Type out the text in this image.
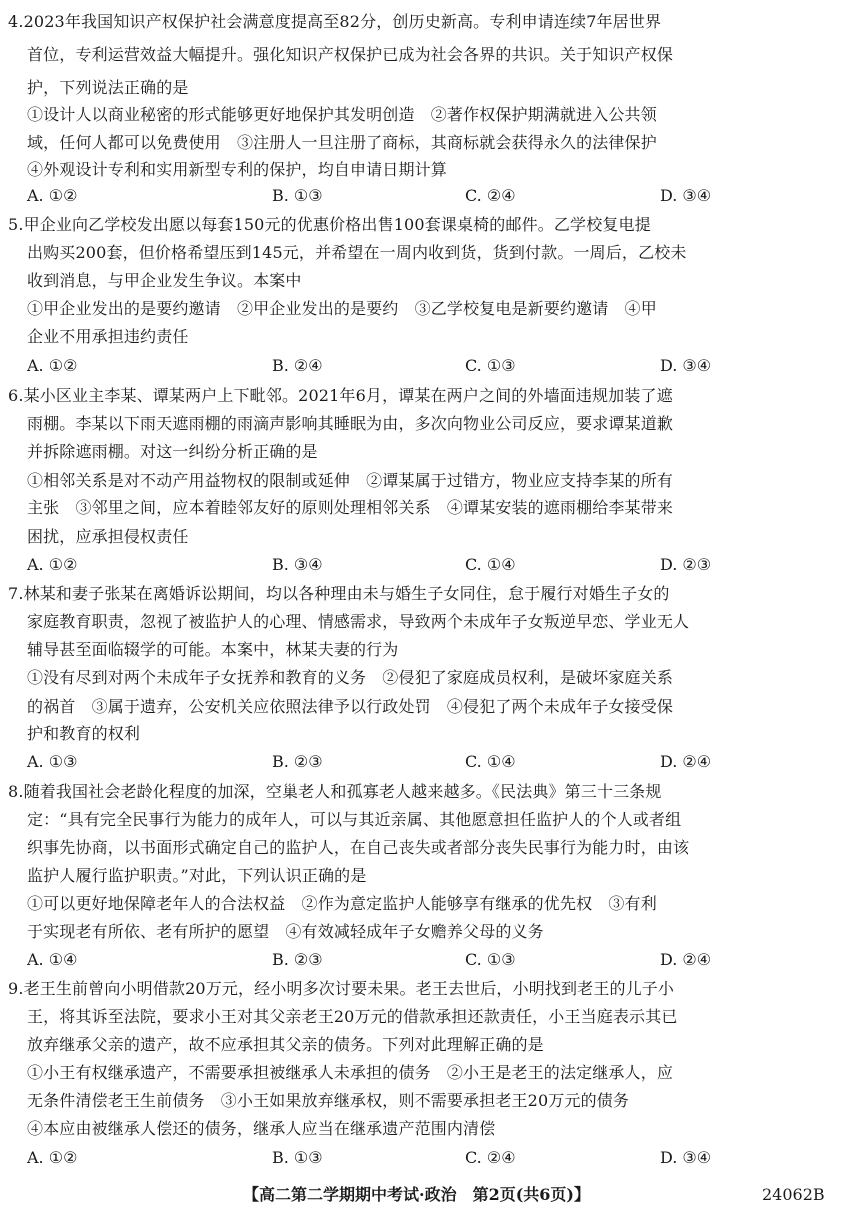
4.2023年我国知识产权保护社会满意度提高至82分，创历史新高。专利申请连续7年居世界
首位，专利运营效益大幅提升。强化知识产权保护已成为社会各界的共识。关于知识产权保
护，下列说法正确的是
①设计人以商业秘密的形式能够更好地保护其发明创造　②著作权保护期满就进入公共领
域，任何人都可以免费使用　③注册人一旦注册了商标，其商标就会获得永久的法律保护
④外观设计专利和实用新型专利的保护，均自申请日期计算
A. ①②	B. ①③	C. ②④	D. ③④
5.甲企业向乙学校发出愿以每套150元的优惠价格出售100套课桌椅的邮件。乙学校复电提
出购买200套，但价格希望压到145元，并希望在一周内收到货，货到付款。一周后，乙校未
收到消息，与甲企业发生争议。本案中
①甲企业发出的是要约邀请　②甲企业发出的是要约　③乙学校复电是新要约邀请　④甲
企业不用承担违约责任
A. ①②	B. ②④	C. ①③	D. ③④
6.某小区业主李某、谭某两户上下毗邻。2021年6月，谭某在两户之间的外墙面违规加装了遮
雨棚。李某以下雨天遮雨棚的雨滴声影响其睡眠为由，多次向物业公司反应，要求谭某道歉
并拆除遮雨棚。对这一纠纷分析正确的是
①相邻关系是对不动产用益物权的限制或延伸　②谭某属于过错方，物业应支持李某的所有
主张　③邻里之间，应本着睦邻友好的原则处理相邻关系　④谭某安装的遮雨棚给李某带来
困扰，应承担侵权责任
A. ①②	B. ③④	C. ①④	D. ②③
7.林某和妻子张某在离婚诉讼期间，均以各种理由未与婚生子女同住，怠于履行对婚生子女的
家庭教育职责，忽视了被监护人的心理、情感需求，导致两个未成年子女叛逆早恋、学业无人
辅导甚至面临辍学的可能。本案中，林某夫妻的行为
①没有尽到对两个未成年子女抚养和教育的义务　②侵犯了家庭成员权利，是破坏家庭关系
的祸首　③属于遗弃，公安机关应依照法律予以行政处罚　④侵犯了两个未成年子女接受保
护和教育的权利
A. ①③	B. ②③	C. ①④	D. ②④
8.随着我国社会老龄化程度的加深，空巢老人和孤寡老人越来越多。《民法典》第三十三条规
定：“具有完全民事行为能力的成年人，可以与其近亲属、其他愿意担任监护人的个人或者组
织事先协商，以书面形式确定自己的监护人，在自己丧失或者部分丧失民事行为能力时，由该
监护人履行监护职责。”对此，下列认识正确的是
①可以更好地保障老年人的合法权益　②作为意定监护人能够享有继承的优先权　③有利
于实现老有所依、老有所护的愿望　④有效减轻成年子女赡养父母的义务
A. ①④	B. ②③	C. ①③	D. ②④
9.老王生前曾向小明借款20万元，经小明多次讨要未果。老王去世后，小明找到老王的儿子小
王，将其诉至法院，要求小王对其父亲老王20万元的借款承担还款责任，小王当庭表示其已
放弃继承父亲的遗产，故不应承担其父亲的债务。下列对此理解正确的是
①小王有权继承遗产，不需要承担被继承人未承担的债务　②小王是老王的法定继承人，应
无条件清偿老王生前债务　③小王如果放弃继承权，则不需要承担老王20万元的债务
④本应由被继承人偿还的债务，继承人应当在继承遗产范围内清偿
A. ①②	B. ①③	C. ②④	D. ③④
【高二第二学期期中考试·政治　第2页(共6页)】	24062B
